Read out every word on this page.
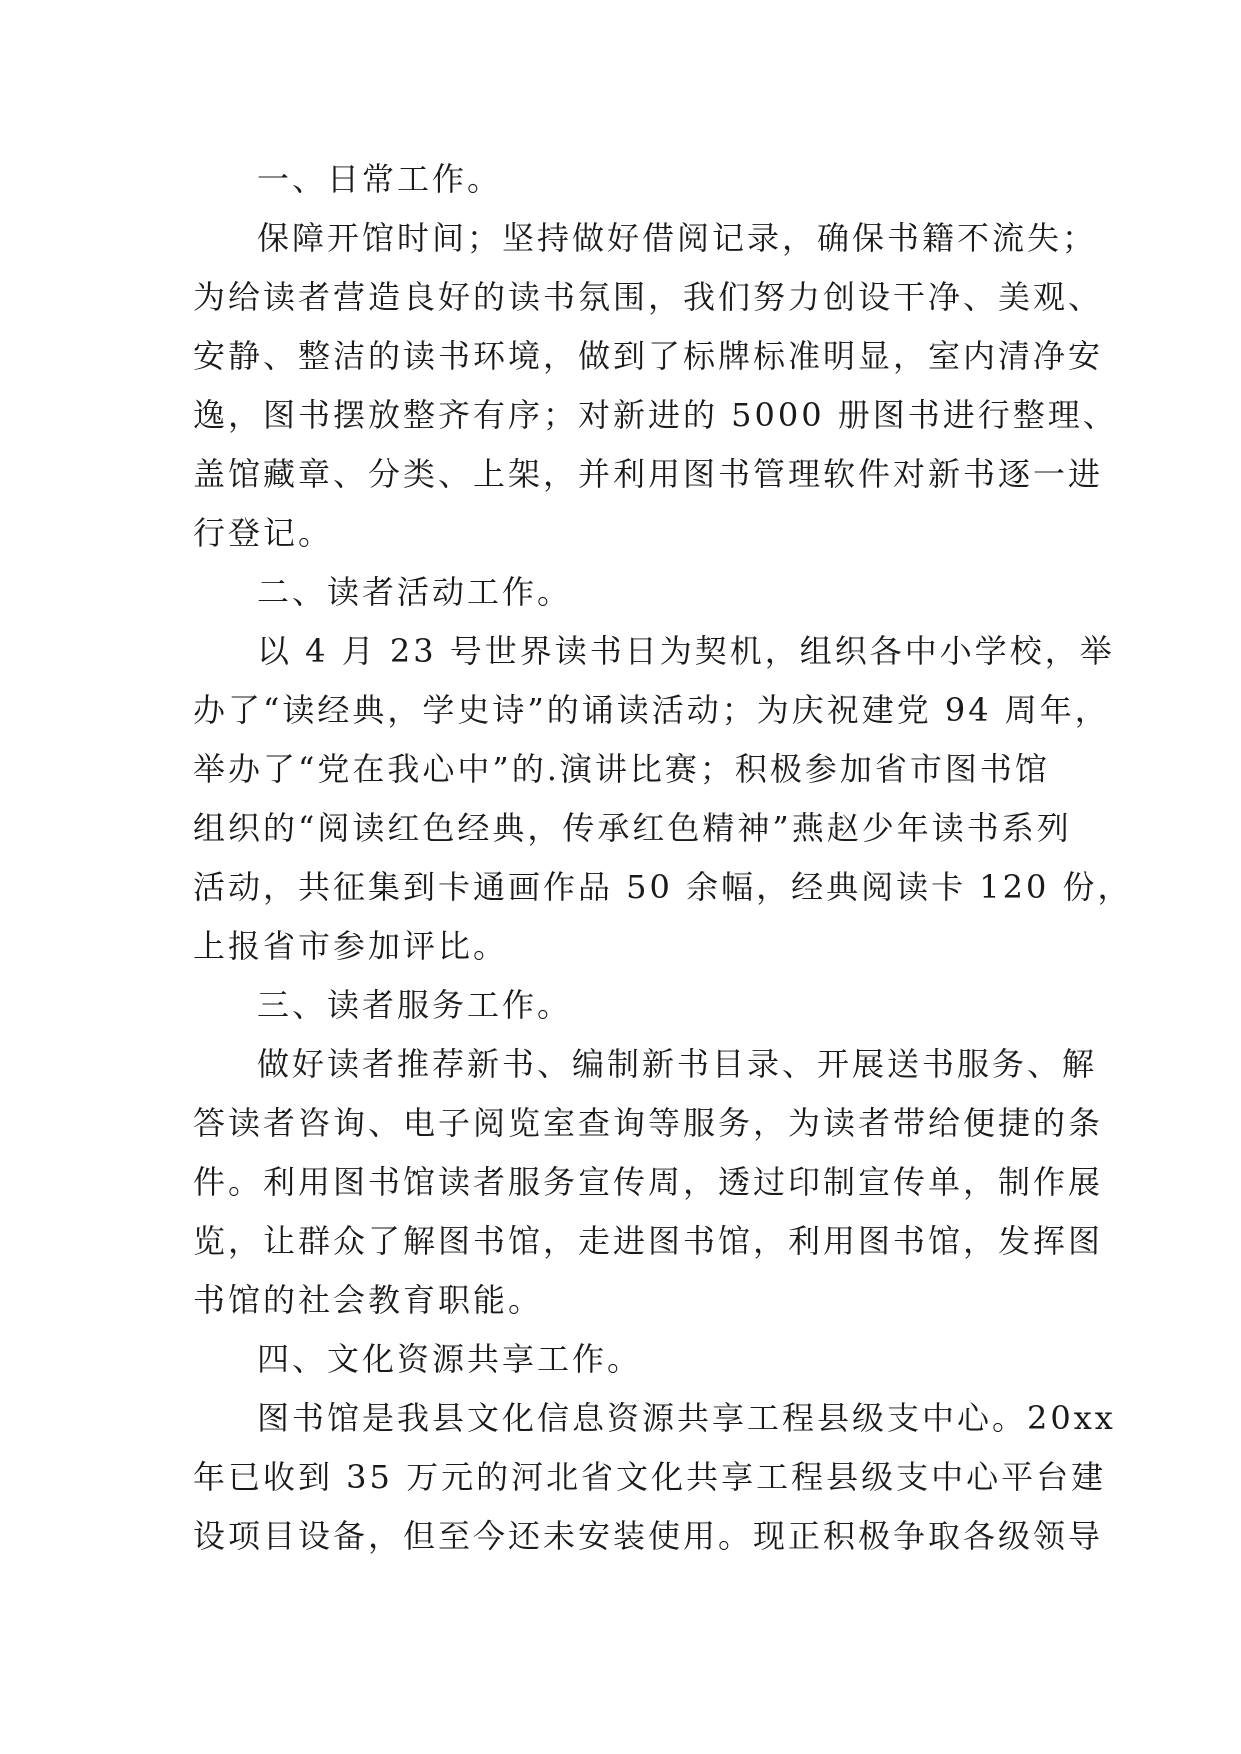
一、日常工作。
保障开馆时间；坚持做好借阅记录，确保书籍不流失；
为给读者营造良好的读书氛围，我们努力创设干净、美观、
安静、整洁的读书环境，做到了标牌标准明显，室内清净安
逸，图书摆放整齐有序；对新进的 5000 册图书进行整理、
盖馆藏章、分类、上架，并利用图书管理软件对新书逐一进
行登记。
二、读者活动工作。
以 4 月 23 号世界读书日为契机，组织各中小学校，举
办了“读经典，学史诗”的诵读活动；为庆祝建党 94 周年，
举办了“党在我心中”的.演讲比赛；积极参加省市图书馆
组织的“阅读红色经典，传承红色精神”燕赵少年读书系列
活动，共征集到卡通画作品 50 余幅，经典阅读卡 120 份，
上报省市参加评比。
三、读者服务工作。
做好读者推荐新书、编制新书目录、开展送书服务、解
答读者咨询、电子阅览室查询等服务，为读者带给便捷的条
件。利用图书馆读者服务宣传周，透过印制宣传单，制作展
览，让群众了解图书馆，走进图书馆，利用图书馆，发挥图
书馆的社会教育职能。
四、文化资源共享工作。
图书馆是我县文化信息资源共享工程县级支中心。20xx
年已收到 35 万元的河北省文化共享工程县级支中心平台建
设项目设备，但至今还未安装使用。现正积极争取各级领导
